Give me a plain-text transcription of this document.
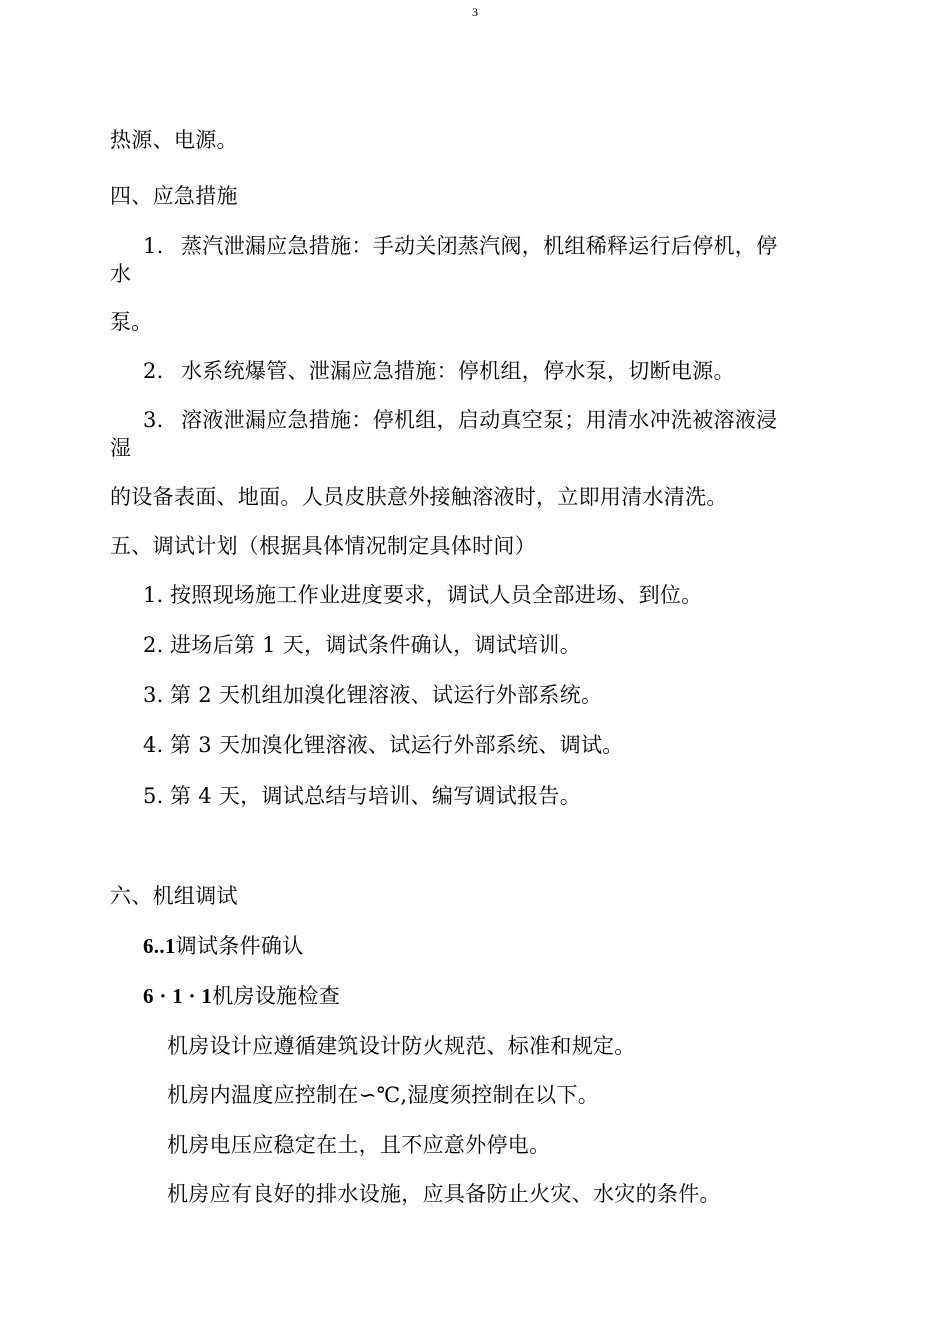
3
热源、电源。
四、应急措施
1. 蒸汽泄漏应急措施：手动关闭蒸汽阀，机组稀释运行后停机，停
水
泵。
2. 水系统爆管、泄漏应急措施：停机组，停水泵，切断电源。
3. 溶液泄漏应急措施：停机组，启动真空泵；用清水冲洗被溶液浸
湿
的设备表面、地面。人员皮肤意外接触溶液时，立即用清水清洗。
五、调试计划（根据具体情况制定具体时间）
1. 按照现场施工作业进度要求，调试人员全部进场、到位。
2. 进场后第 1 天，调试条件确认，调试培训。
3. 第 2 天机组加溴化锂溶液、试运行外部系统。
4. 第 3 天加溴化锂溶液、试运行外部系统、调试。
5. 第 4 天，调试总结与培训、编写调试报告。
六、机组调试
6..1调试条件确认
6 · 1 · 1机房设施检查
机房设计应遵循建筑设计防火规范、标准和规定。
机房内温度应控制在∽℃,湿度须控制在以下。
机房电压应稳定在土，且不应意外停电。
机房应有良好的排水设施，应具备防止火灾、水灾的条件。
